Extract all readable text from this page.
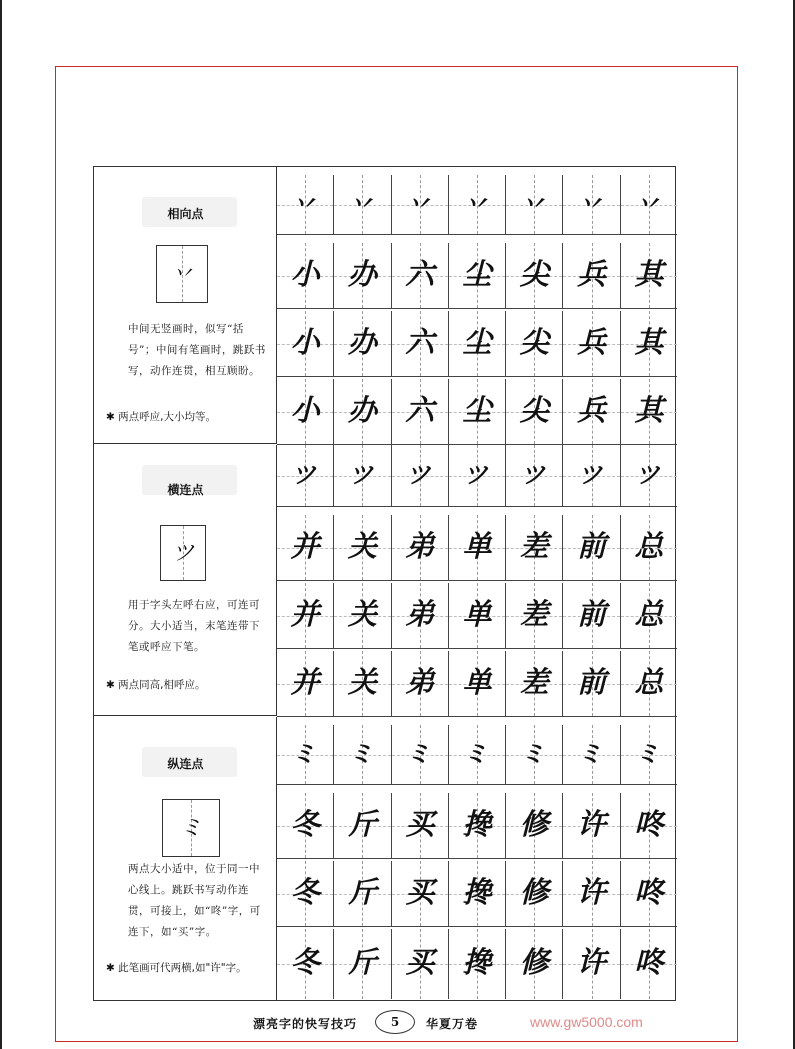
相向点
丷
中间无竖画时，似写“括号”；中间有笔画时，跳跃书写，动作连贯，相互顾盼。
✱ 两点呼应,大小均等。
丷	丷	丷	丷	丷	丷	丷
小 办 六 尘 尖 兵 其
小 办 六 尘 尖 兵 其
小 办 六 尘 尖 兵 其
横连点
ツ
用于字头左呼右应，可连可分。大小适当，末笔连带下笔或呼应下笔。
✱ 两点同高,相呼应。
ツ	ツ	ツ	ツ	ツ	ツ	ツ
并 关 弟 单 差 前 总
并 关 弟 单 差 前 总
并 关 弟 单 差 前 总
纵连点
ミ
两点大小适中，位于同一中心线上。跳跃书写动作连贯，可接上，如“咚”字，可连下，如“买”字。
✱ 此笔画可代两横,如"许"字。
ミ	ミ	ミ	ミ	ミ	ミ	ミ
冬 斤 买 搀 修 许 咚
冬 斤 买 搀 修 许 咚
冬 斤 买 搀 修 许 咚
漂亮字的快写技巧	5	华夏万卷	www.gw5000.com
